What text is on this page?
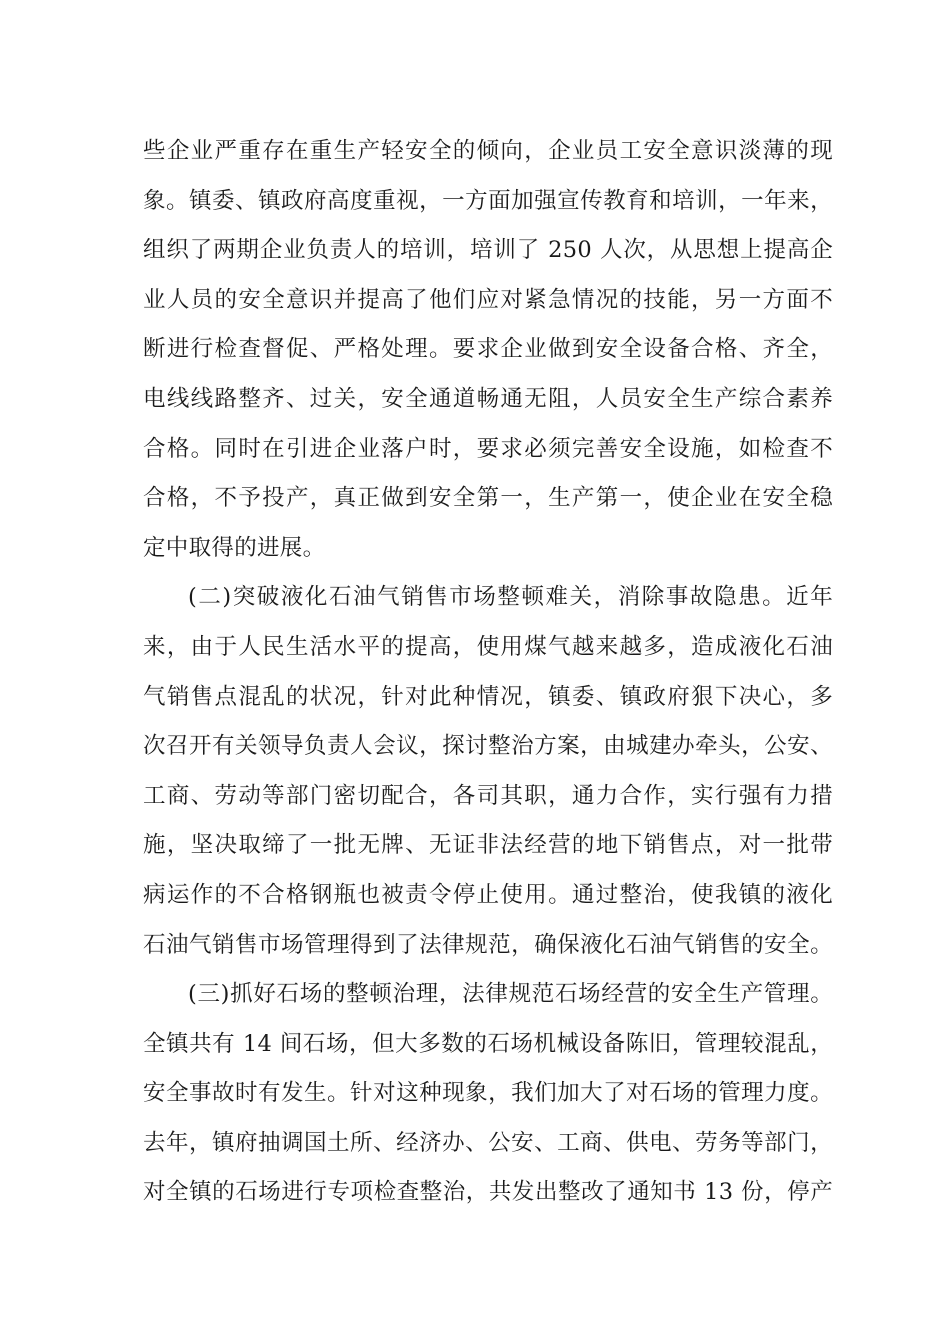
些企业严重存在重生产轻安全的倾向，企业员工安全意识淡薄的现
象。镇委、镇政府高度重视，一方面加强宣传教育和培训，一年来，
组织了两期企业负责人的培训，培训了 250 人次，从思想上提高企
业人员的安全意识并提高了他们应对紧急情况的技能，另一方面不
断进行检查督促、严格处理。要求企业做到安全设备合格、齐全，
电线线路整齐、过关，安全通道畅通无阻，人员安全生产综合素养
合格。同时在引进企业落户时，要求必须完善安全设施，如检查不
合格，不予投产，真正做到安全第一，生产第一，使企业在安全稳
定中取得的进展。
(二)突破液化石油气销售市场整顿难关，消除事故隐患。近年
来，由于人民生活水平的提高，使用煤气越来越多，造成液化石油
气销售点混乱的状况，针对此种情况，镇委、镇政府狠下决心，多
次召开有关领导负责人会议，探讨整治方案，由城建办牵头，公安、
工商、劳动等部门密切配合，各司其职，通力合作，实行强有力措
施，坚决取缔了一批无牌、无证非法经营的地下销售点，对一批带
病运作的不合格钢瓶也被责令停止使用。通过整治，使我镇的液化
石油气销售市场管理得到了法律规范，确保液化石油气销售的安全。
(三)抓好石场的整顿治理，法律规范石场经营的安全生产管理。
全镇共有 14 间石场，但大多数的石场机械设备陈旧，管理较混乱，
安全事故时有发生。针对这种现象，我们加大了对石场的管理力度。
去年，镇府抽调国土所、经济办、公安、工商、供电、劳务等部门，
对全镇的石场进行专项检查整治，共发出整改了通知书 13 份，停产
